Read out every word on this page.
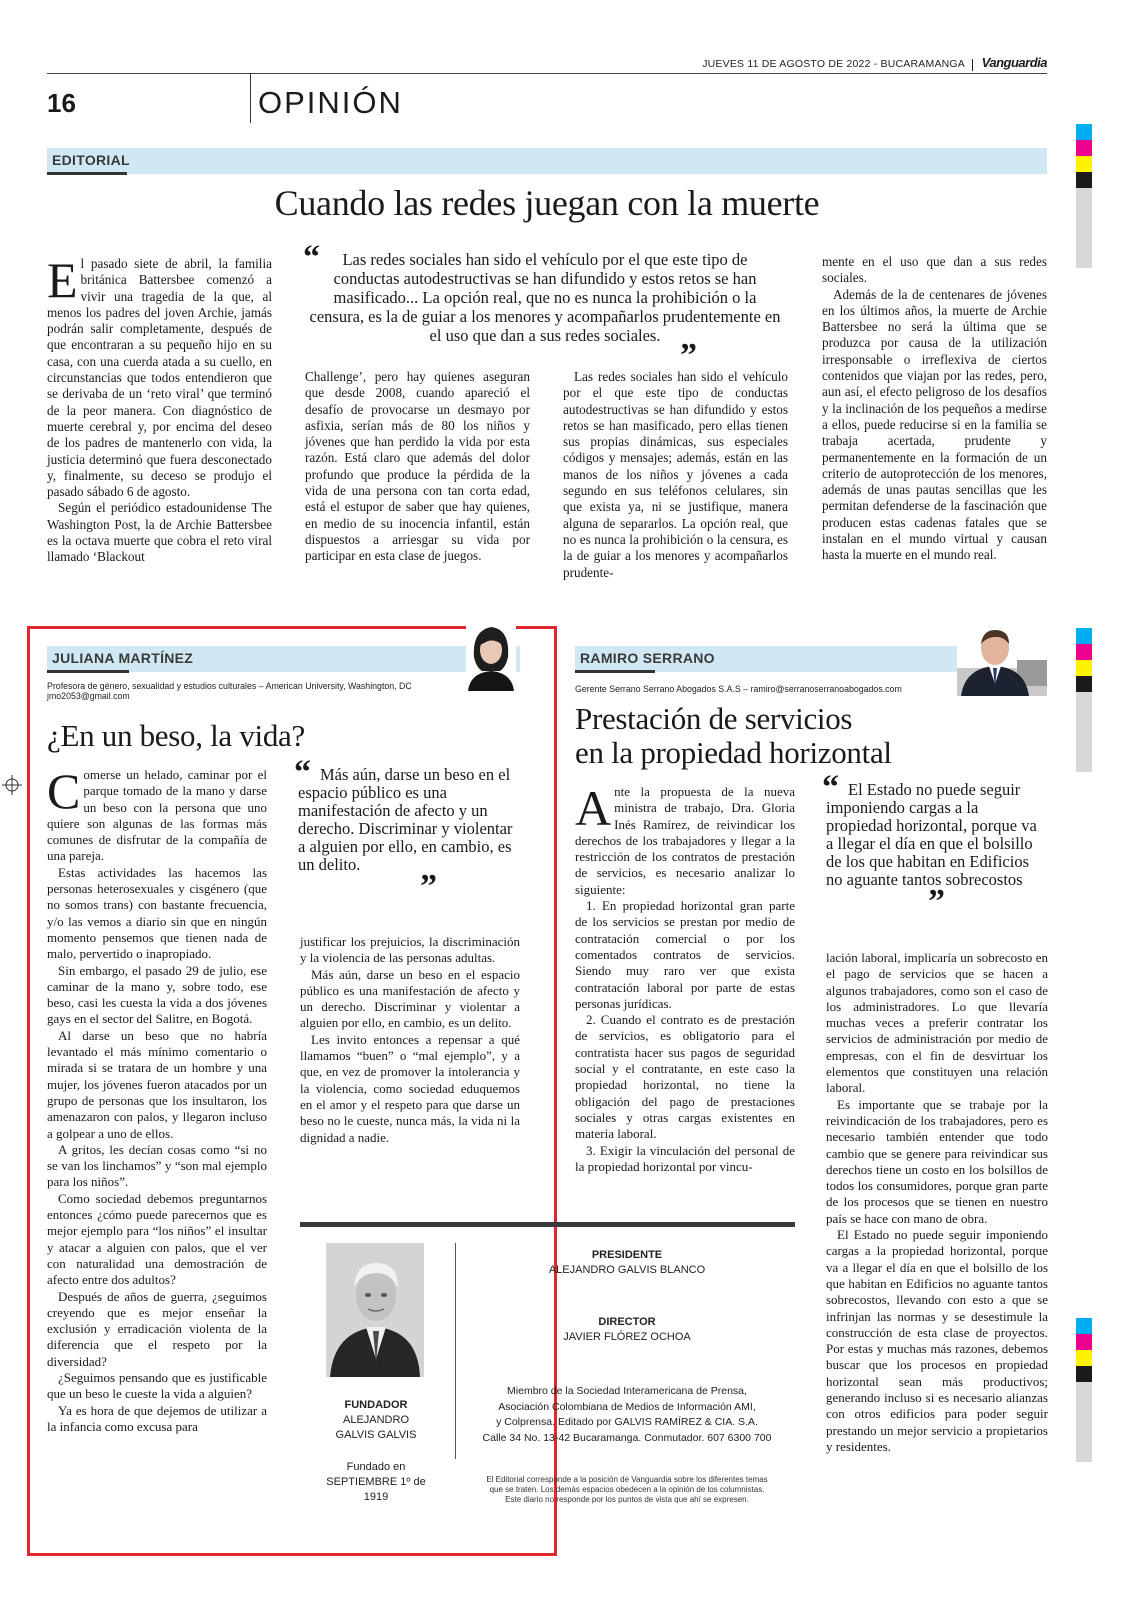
JUEVES 11 DE AGOSTO DE 2022 - BUCARAMANGA Vanguardia
16	OPINIÓN
EDITORIAL
Cuando las redes juegan con la muerte

El pasado siete de abril, la familia británica Battersbee comenzó a vivir una tragedia de la que, al menos los padres del joven Archie, jamás podrán salir completamente, después de que encontraran a su pequeño hijo en su casa, con una cuerda atada a su cuello, en circunstancias que todos entendieron que se derivaba de un ‘reto viral’ que terminó de la peor manera. Con diagnóstico de muerte cerebral y, por encima del deseo de los padres de mantenerlo con vida, la justicia determinó que fuera desconectado y, finalmente, su deceso se produjo el pasado sábado 6 de agosto.

Según el periódico estadounidense The Washington Post, la de Archie Battersbee es la octava muerte que cobra el reto viral llamado ‘Blackout

“	Las redes sociales han sido el vehículo por el que este tipo de conductas autodestructivas se han difundido y estos retos se han masificado... La opción real, que no es nunca la prohibición o la censura, es la de guiar a los menores y acompañarlos prudentemente en el uso que dan a sus redes sociales.
”

Challenge’, pero hay quienes aseguran que desde 2008, cuando apareció el desafío de provocarse un desmayo por asfixia, serían más de 80 los niños y jóvenes que han perdido la vida por esta razón. Está claro que además del dolor profundo que produce la pérdida de la vida de una persona con tan corta edad, está el estupor de saber que hay quienes, en medio de su inocencia infantil, están dispuestos a arriesgar su vida por participar en esta clase de juegos.

Las redes sociales han sido el vehículo por el que este tipo de conductas autodestructivas se han difundido y estos retos se han masificado, pero ellas tienen sus propias dinámicas, sus especiales códigos y mensajes; además, están en las manos de los niños y jóvenes a cada segundo en sus teléfonos celulares, sin que exista ya, ni se justifique, manera alguna de separarlos. La opción real, que no es nunca la prohibición o la censura, es la de guiar a los menores y acompañarlos prudente-

mente en el uso que dan a sus redes sociales.

Además de la de centenares de jóvenes en los últimos años, la muerte de Archie Battersbee no será la última que se produzca por causa de la utilización irresponsable o irreflexiva de ciertos contenidos que viajan por las redes, pero, aun así, el efecto peligroso de los desafíos y la inclinación de los pequeños a medirse a ellos, puede reducirse si en la familia se trabaja acertada, prudente y permanentemente en la formación de un criterio de autoprotección de los menores, además de unas pautas sencillas que les permitan defenderse de la fascinación que producen estas cadenas fatales que se instalan en el mundo virtual y causan hasta la muerte en el mundo real.

JULIANA MARTÍNEZ
Profesora de género, sexualidad y estudios culturales – American University, Washington, DC
jmo2053@gmail.com
¿En un beso, la vida?

Comerse un helado, caminar por el parque tomado de la mano y darse un beso con la persona que uno quiere son algunas de las formas más comunes de disfrutar de la compañía de una pareja.

Estas actividades las hacemos las personas heterosexuales y cisgénero (que no somos trans) con bastante frecuencia, y/o las vemos a diario sin que en ningún momento pensemos que tienen nada de malo, pervertido o inapropiado.

Sin embargo, el pasado 29 de julio, ese caminar de la mano y, sobre todo, ese beso, casi les cuesta la vida a dos jóvenes gays en el sector del Salitre, en Bogotá.

Al darse un beso que no habría levantado el más mínimo comentario o mirada si se tratara de un hombre y una mujer, los jóvenes fueron atacados por un grupo de personas que los insultaron, los amenazaron con palos, y llegaron incluso a golpear a uno de ellos.

A gritos, les decían cosas como “si no se van los linchamos” y “son mal ejemplo para los niños”.

Como sociedad debemos preguntarnos entonces ¿cómo puede parecernos que es mejor ejemplo para “los niños” el insultar y atacar a alguien con palos, que el ver con naturalidad una demostración de afecto entre dos adultos?

Después de años de guerra, ¿seguimos creyendo que es mejor enseñar la exclusión y erradicación violenta de la diferencia que el respeto por la diversidad?

¿Seguimos pensando que es justificable que un beso le cueste la vida a alguien?

Ya es hora de que dejemos de utilizar a la infancia como excusa para

“ Más aún, darse un beso en el espacio público es una manifestación de afecto y un derecho. Discriminar y violentar a alguien por ello, en cambio, es un delito.
”

justificar los prejuicios, la discriminación y la violencia de las personas adultas.

Más aún, darse un beso en el espacio público es una manifestación de afecto y un derecho. Discriminar y violentar a alguien por ello, en cambio, es un delito.

Les invito entonces a repensar a qué llamamos “buen” o “mal ejemplo”, y a que, en vez de promover la intolerancia y la violencia, como sociedad eduquemos en el amor y el respeto para que darse un beso no le cueste, nunca más, la vida ni la dignidad a nadie.

RAMIRO SERRANO
Gerente Serrano Serrano Abogados S.A.S – ramiro@serranoserranoabogados.com
Prestación de servicios
en la propiedad horizontal

Ante la propuesta de la nueva ministra de trabajo, Dra. Gloria Inés Ramírez, de reivindicar los derechos de los trabajadores y llegar a la restricción de los contratos de prestación de servicios, es necesario analizar lo siguiente:

1. En propiedad horizontal gran parte de los servicios se prestan por medio de contratación comercial o por los comentados contratos de servicios. Siendo muy raro ver que exista contratación laboral por parte de estas personas jurídicas.

2. Cuando el contrato es de prestación de servicios, es obligatorio para el contratista hacer sus pagos de seguridad social y el contratante, en este caso la propiedad horizontal, no tiene la obligación del pago de prestaciones sociales y otras cargas existentes en materia laboral.

3. Exigir la vinculación del personal de la propiedad horizontal por vincu-

“ El Estado no puede seguir imponiendo cargas a la propiedad horizontal, porque va a llegar el día en que el bolsillo de los que habitan en Edificios no aguante tantos sobrecostos
”

lación laboral, implicaría un sobrecosto en el pago de servicios que se hacen a algunos trabajadores, como son el caso de los administradores. Lo que llevaría muchas veces a preferir contratar los servicios de administración por medio de empresas, con el fin de desvirtuar los elementos que constituyen una relación laboral.

Es importante que se trabaje por la reivindicación de los trabajadores, pero es necesario también entender que todo cambio que se genere para reivindicar sus derechos tiene un costo en los bolsillos de todos los consumidores, porque gran parte de los procesos que se tienen en nuestro país se hace con mano de obra.

El Estado no puede seguir imponiendo cargas a la propiedad horizontal, porque va a llegar el día en que el bolsillo de los que habitan en Edificios no aguante tantos sobrecostos, llevando con esto a que se infrinjan las normas y se desestimule la construcción de esta clase de proyectos. Por estas y muchas más razones, debemos buscar que los procesos en propiedad horizontal sean más productivos; generando incluso si es necesario alianzas con otros edificios para poder seguir prestando un mejor servicio a propietarios y residentes.

FUNDADOR
ALEJANDRO
GALVIS GALVIS
Fundado en
SEPTIEMBRE 1º de 1919
PRESIDENTE
ALEJANDRO GALVIS BLANCO
DIRECTOR
JAVIER FLÓREZ OCHOA
Miembro de la Sociedad Interamericana de Prensa,
Asociación Colombiana de Medios de Información AMI,
y Colprensa. Editado por GALVIS RAMÍREZ & CIA. S.A.
Calle 34 No. 13-42 Bucaramanga. Conmutador. 607 6300 700
El Editorial corresponde a la posición de Vanguardia sobre los diferentes temas
que se traten. Los demás espacios obedecen a la opinión de los columnistas.
Este diario no responde por los puntos de vista que ahí se expresen.
